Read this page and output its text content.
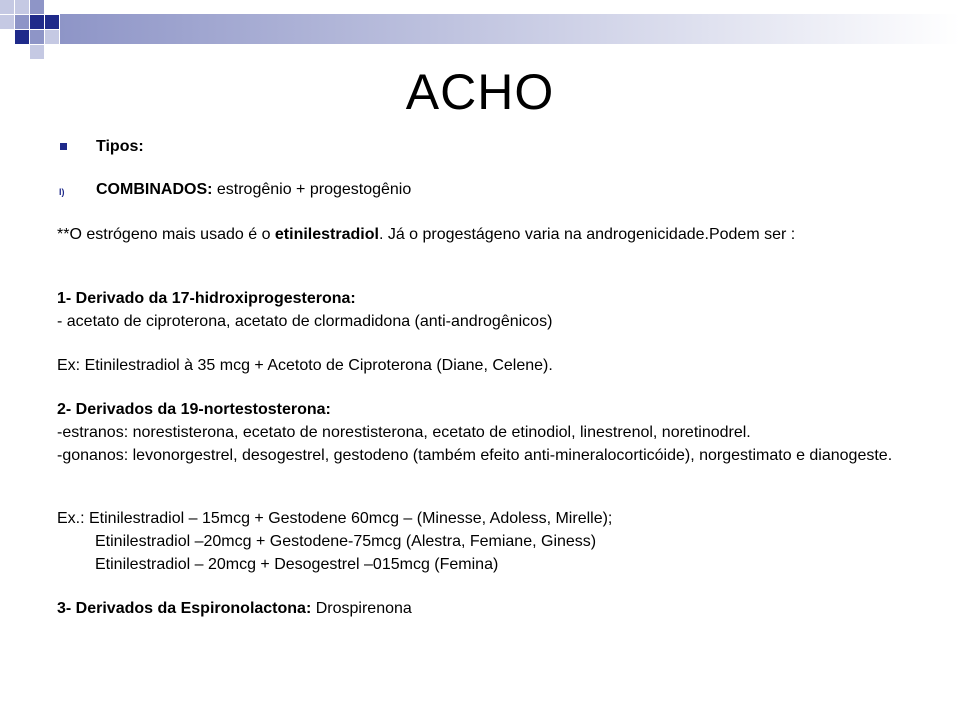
ACHO
Tipos:
I) COMBINADOS: estrogênio + progestogênio
**O estrógeno mais usado é o etinilestradiol. Já o progestágeno varia na androgenicidade.Podem ser :
1- Derivado da 17-hidroxiprogesterona:
- acetato de ciproterona, acetato de clormadidona (anti-androgênicos)
Ex: Etinilestradiol à 35 mcg + Acetoto de Ciproterona (Diane, Celene).
2- Derivados da 19-nortestosterona:
-estranos: norestisterona, ecetato de norestisterona, ecetato de etinodiol, linestrenol, noretinodrel.
-gonanos: levonorgestrel, desogestrel, gestodeno (também efeito anti-mineralocorticóide), norgestimato e dianogeste.
Ex.: Etinilestradiol – 15mcg + Gestodene 60mcg – (Minesse, Adoless, Mirelle);
Etinilestradiol –20mcg + Gestodene-75mcg (Alestra, Femiane, Giness)
Etinilestradiol – 20mcg + Desogestrel –015mcg (Femina)
3- Derivados da Espironolactona: Drospirenona
